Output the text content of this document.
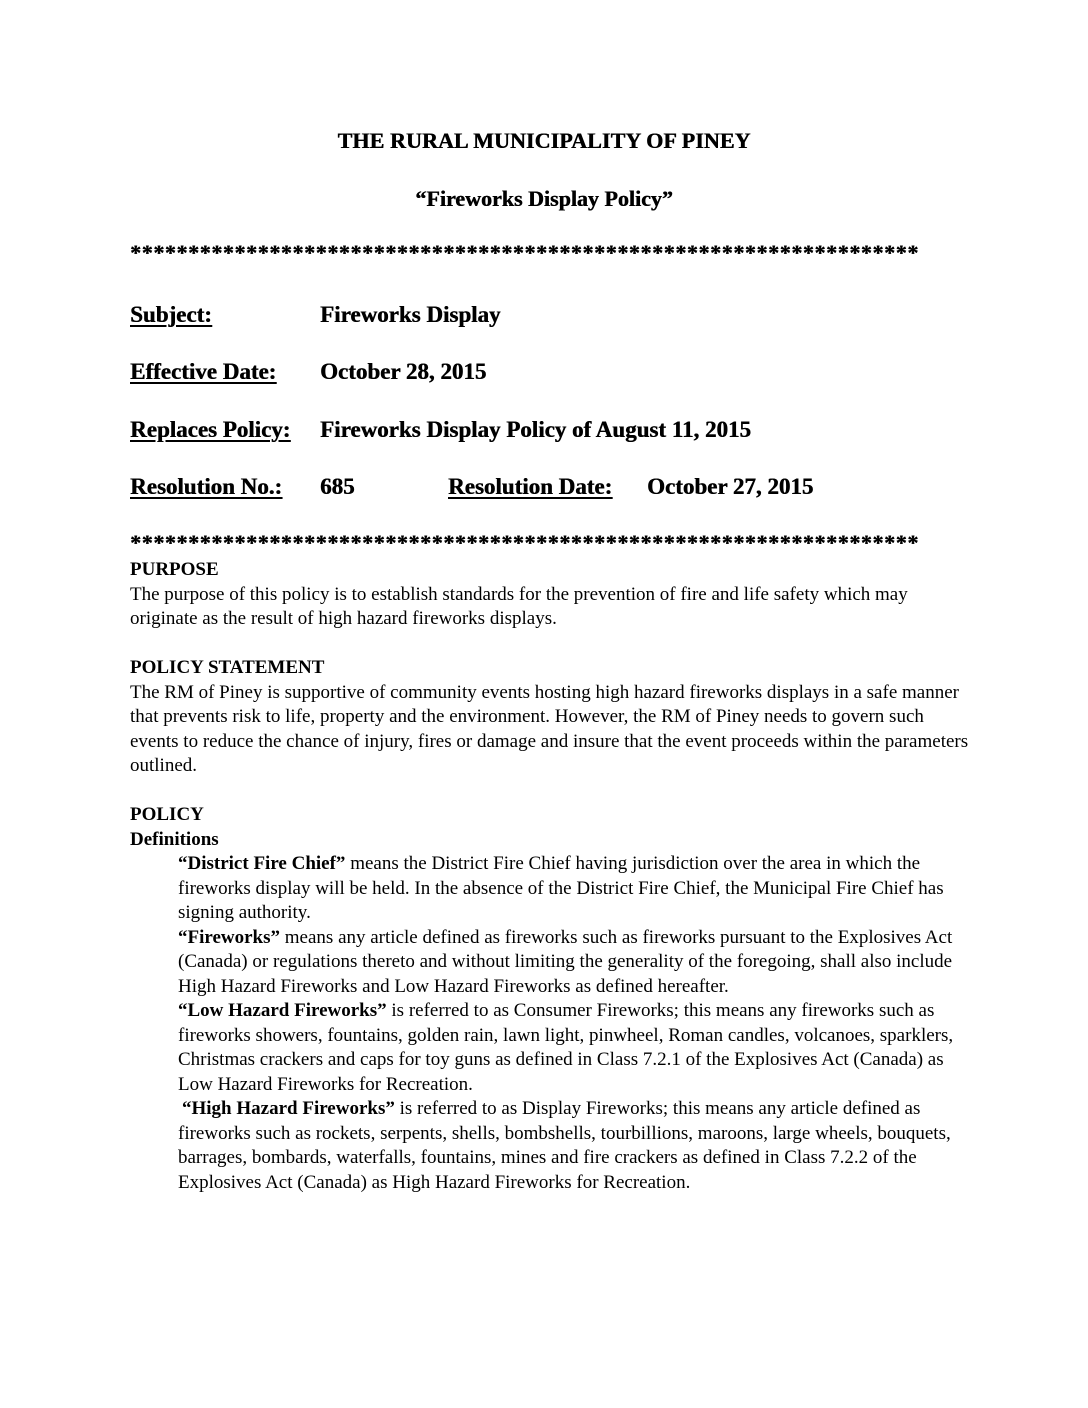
THE RURAL MUNICIPALITY OF PINEY
“Fireworks Display Policy”
********************************************************************
Subject:	Fireworks Display
Effective Date: October 28, 2015
Replaces Policy: Fireworks Display Policy of August 11, 2015
Resolution No.: 685	Resolution Date: October 27, 2015
********************************************************************
PURPOSE

The purpose of this policy is to establish standards for the prevention of fire and life safety which may originate as the result of high hazard fireworks displays.

POLICY STATEMENT

The RM of Piney is supportive of community events hosting high hazard fireworks displays in a safe manner that prevents risk to life, property and the environment. However, the RM of Piney needs to govern such events to reduce the chance of injury, fires or damage and insure that the event proceeds within the parameters outlined.

POLICY
Definitions

“District Fire Chief” means the District Fire Chief having jurisdiction over the area in which the fireworks display will be held. In the absence of the District Fire Chief, the Municipal Fire Chief has signing authority.

“Fireworks” means any article defined as fireworks such as fireworks pursuant to the Explosives Act (Canada) or regulations thereto and without limiting the generality of the foregoing, shall also include High Hazard Fireworks and Low Hazard Fireworks as defined hereafter.

“Low Hazard Fireworks” is referred to as Consumer Fireworks; this means any fireworks such as fireworks showers, fountains, golden rain, lawn light, pinwheel, Roman candles, volcanoes, sparklers, Christmas crackers and caps for toy guns as defined in Class 7.2.1 of the Explosives Act (Canada) as Low Hazard Fireworks for Recreation.

“High Hazard Fireworks” is referred to as Display Fireworks; this means any article defined as fireworks such as rockets, serpents, shells, bombshells, tourbillions, maroons, large wheels, bouquets, barrages, bombards, waterfalls, fountains, mines and fire crackers as defined in Class 7.2.2 of the Explosives Act (Canada) as High Hazard Fireworks for Recreation.
